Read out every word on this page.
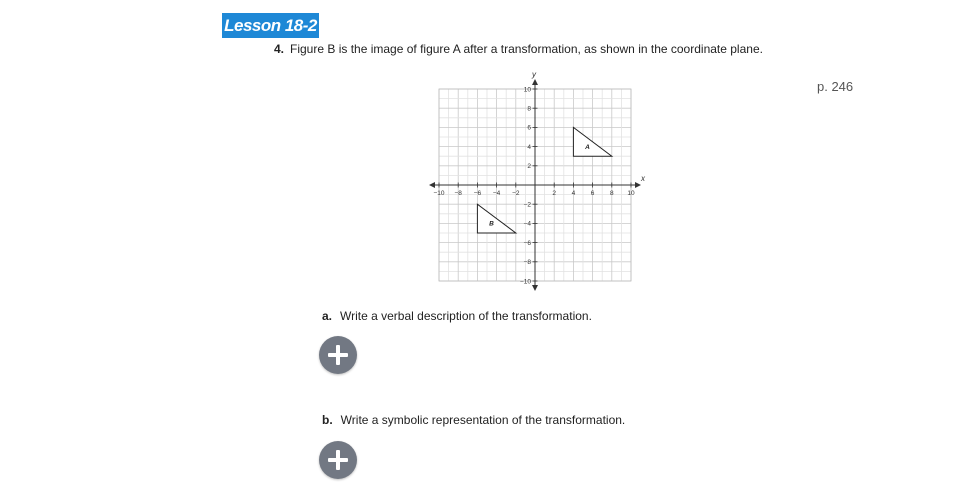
Lesson 18-2
4. Figure B is the image of figure A after a transformation, as shown in the coordinate plane.
p. 246
x
y
−10 −8 −6 −4 −2	2 4 6 8 10
10
8
6
4
2
−2
−4
−6
−8
−10
A
B
a. Write a verbal description of the transformation.
b. Write a symbolic representation of the transformation.
